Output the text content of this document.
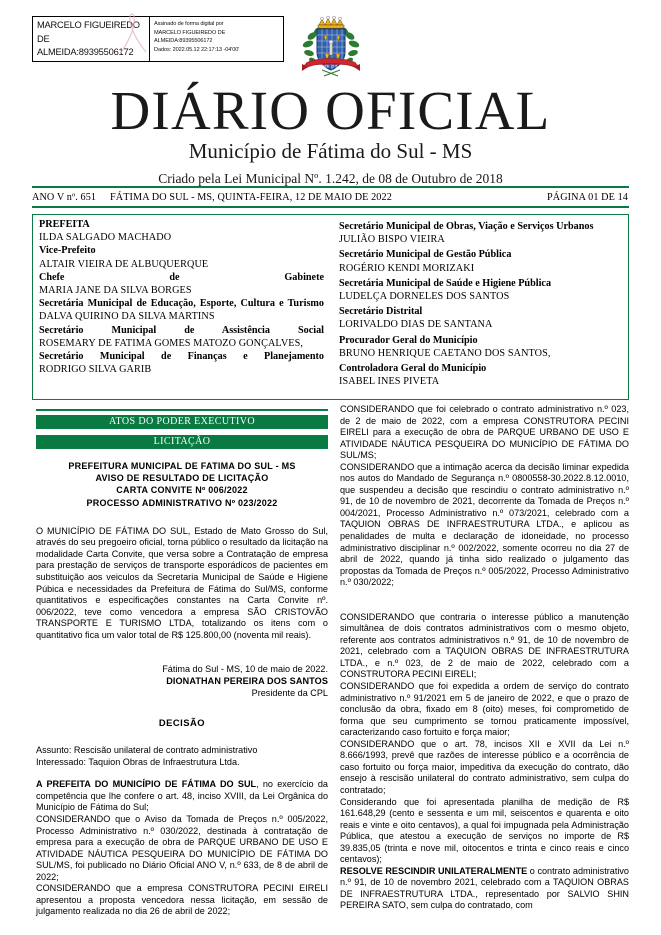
MARCELO FIGUEIREDO
DE
ALMEIDA:89395506172
Assinado de forma digital por
MARCELO FIGUEIREDO DE
ALMEIDA:89395506172
Dados: 2022.05.12 22:17:13 -04'00'
FATIMA DO SUL
DIÁRIO OFICIAL
Município de Fátima do Sul - MS
Criado pela Lei Municipal Nº. 1.242, de 08 de Outubro de 2018
ANO V nº. 651	FÁTIMA DO SUL - MS, QUINTA-FEIRA, 12 DE MAIO DE 2022	PÁGINA 01 DE 14
PREFEITA
ILDA SALGADO MACHADO
Vice-Prefeito
ALTAIR VIEIRA DE ALBUQUERQUE
Chefe de Gabinete
MARIA JANE DA SILVA BORGES
Secretária Municipal de Educação, Esporte, Cultura e Turismo
DALVA QUIRINO DA SILVA MARTINS
Secretário Municipal de Assistência Social
ROSEMARY DE FATIMA GOMES MATOZO GONÇALVES,
Secretário Municipal de Finanças e Planejamento
RODRIGO SILVA GARIB
Secretário Municipal de Obras, Viação e Serviços Urbanos
JULIÃO BISPO VIEIRA
Secretário Municipal de Gestão Pública
ROGÉRIO KENDI MORIZAKI
Secretária Municipal de Saúde e Higiene Pública
LUDELÇA DORNELES DOS SANTOS
Secretário Distrital
LORIVALDO DIAS DE SANTANA
Procurador Geral do Município
BRUNO HENRIQUE CAETANO DOS SANTOS,
Controladora Geral do Município
ISABEL INES PIVETA
ATOS DO PODER EXECUTIVO
LICITAÇÃO
PREFEITURA MUNICIPAL DE FATIMA DO SUL - MS
AVISO DE RESULTADO DE LICITAÇÃO
CARTA CONVITE Nº 006/2022
PROCESSO ADMINISTRATIVO Nº 023/2022

O MUNICÍPIO DE FÁTIMA DO SUL, Estado de Mato Grosso do Sul, através do seu pregoeiro oficial, torna público o resultado da licitação na modalidade Carta Convite, que versa sobre a Contratação de empresa para prestação de serviços de transporte esporádicos de pacientes em substituição aos veiculos da Secretaria Municipal de Saúde e Higiene Púbica e necessidades da Prefeitura de Fátima do Sul/MS, conforme quantitativos e especificações constantes na Carta Convite nº. 006/2022, teve como vencedora a empresa SÃO CRISTOVÃO TRANSPORTE E TURISMO LTDA, totalizando os itens com o quantitativo fica um valor total de R$ 125.800,00 (noventa mil reais).

Fátima do Sul - MS, 10 de maio de 2022.
DIONATHAN PEREIRA DOS SANTOS
Presidente da CPL
DECISÃO

Assunto: Rescisão unilateral de contrato administrativo

Interessado: Taquion Obras de Infraestrutura Ltda.

A PREFEITA DO MUNICÍPIO DE FÁTIMA DO SUL, no exercício da competência que lhe confere o art. 48, inciso XVIII, da Lei Orgânica do Município de Fátima do Sul;

CONSIDERANDO que o Aviso da Tomada de Preços n.º 005/2022, Processo Administrativo n.º 030/2022, destinada à contratação de empresa para a execução de obra de PARQUE URBANO DE USO E ATIVIDADE NÁUTICA PESQUEIRA DO MUNICÍPIO DE FÁTIMA DO SUL/MS, foi publicado no Diário Oficial ANO V, n.º 633, de 8 de abril de 2022;

CONSIDERANDO que a empresa CONSTRUTORA PECINI EIRELI apresentou a proposta vencedora nessa licitação, em sessão de julgamento realizada no dia 26 de abril de 2022;

CONSIDERANDO que foi celebrado o contrato administrativo n.º 023, de 2 de maio de 2022, com a empresa CONSTRUTORA PECINI EIRELI para a execução de obra de PARQUE URBANO DE USO E ATIVIDADE NÁUTICA PESQUEIRA DO MUNICÍPIO DE FÁTIMA DO SUL/MS;

CONSIDERANDO que a intimação acerca da decisão liminar expedida nos autos do Mandado de Segurança n.º 0800558-30.2022.8.12.0010, que suspendeu a decisão que rescindiu o contrato administrativo n.º 91, de 10 de novembro de 2021, decorrente da Tomada de Preços n.º 004/2021, Processo Administrativo n.º 073/2021, celebrado com a TAQUION OBRAS DE INFRAESTRUTURA LTDA., e aplicou as penalidades de multa e declaração de idoneidade, no processo administrativo disciplinar n.º 002/2022, somente ocorreu no dia 27 de abril de 2022, quando já tinha sido realizado o julgamento das propostas da Tomada de Preços n.º 005/2022, Processo Administrativo n.º 030/2022;

CONSIDERANDO que contraria o interesse público a manutenção simultânea de dois contratos administrativos com o mesmo objeto, referente aos contratos administrativos n.º 91, de 10 de novembro de 2021, celebrado com a TAQUION OBRAS DE INFRAESTRUTURA LTDA., e n.º 023, de 2 de maio de 2022, celebrado com a CONSTRUTORA PECINI EIRELI;

CONSIDERANDO que foi expedida a ordem de serviço do contrato administrativo n.º 91/2021 em 5 de janeiro de 2022, e que o prazo de conclusão da obra, fixado em 8 (oito) meses, foi comprometido de forma que seu cumprimento se tornou praticamente impossível, caracterizando caso fortuito e força maior;

CONSIDERANDO que o art. 78, incisos XII e XVII da Lei n.º 8.666/1993, prevê que razões de interesse público e a ocorrência de caso fortuito ou força maior, impeditiva da execução do contrato, dão ensejo à rescisão unilateral do contrato administrativo, sem culpa do contratado;

Considerando que foi apresentada planilha de medição de R$ 161.648,29 (cento e sessenta e um mil, seiscentos e quarenta e oito reais e vinte e oito centavos), a qual foi impugnada pela Administração Pública, que atestou a execução de serviços no importe de R$ 39.835,05 (trinta e nove mil, oitocentos e trinta e cinco reais e cinco centavos);

RESOLVE RESCINDIR UNILATERALMENTE o contrato administrativo n.º 91, de 10 de novembro 2021, celebrado com a TAQUION OBRAS DE INFRAESTRUTURA LTDA., representado por SALVIO SHIN PEREIRA SATO, sem culpa do contratado, com
